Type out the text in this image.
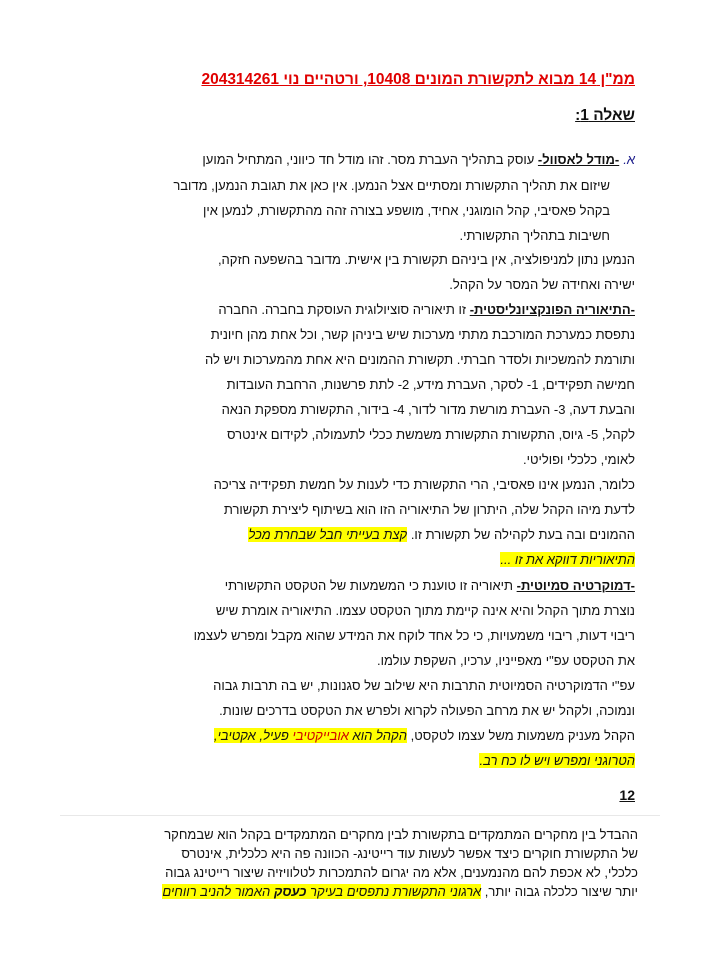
ממ"ן 14 מבוא לתקשורת המונים 10408, ורטהיים נוי 204314261
שאלה 1:
א.-מודל לאסוול- עוסק בתהליך העברת מסר. זהו מודל חד כיווני, המתחיל המוען
שיזום את תהליך התקשורת ומסתיים אצל הנמען. אין כאן את תגובת הנמען, מדובר
בקהל פאסיבי, קהל הומוגני, אחיד, מושפע בצורה זהה מהתקשורת, לנמען אין
חשיבות בתהליך התקשורתי.
הנמען נתון למניפולציה, אין ביניהם תקשורת בין אישית. מדובר בהשפעה חזקה,
ישירה ואחידה של המסר על הקהל.
-התיאוריה הפונקציונליסטית- זו תיאוריה סוציולוגית העוסקת בחברה. החברה
נתפסת כמערכת המורכבת מתתי מערכות שיש ביניהן קשר, וכל אחת מהן חיונית
ותורמת להמשכיות ולסדר חברתי. תקשורת ההמונים היא אחת מהמערכות ויש לה
חמישה תפקידים, 1- לסקר, העברת מידע, 2- לתת פרשנות, הרחבת העובדות
והבעת דעה, 3- העברת מורשת מדור לדור, 4- בידור, התקשורת מספקת הנאה
לקהל, 5- גיוס, התקשורת התקשורת משמשת ככלי לתעמולה, לקידום אינטרס
לאומי, כלכלי ופוליטי.
כלומר, הנמען אינו פאסיבי, הרי התקשורת כדי לענות על חמשת תפקידיה צריכה
לדעת מיהו הקהל שלה, היתרון של התיאוריה הזו הוא בשיתוף ליצירת תקשורת
ההמונים ובה בעת לקהילה של תקשורת זו. קצת בעייתי חבל שבחרת מכל
התיאוריות דווקא את זו ...
-דמוקרטיה סמיוטית- תיאוריה זו טוענת כי המשמעות של הטקסט התקשורתי
נוצרת מתוך הקהל והיא אינה קיימת מתוך הטקסט עצמו. התיאוריה אומרת שיש
ריבוי דעות, ריבוי משמעויות, כי כל אחד לוקח את המידע שהוא מקבל ומפרש לעצמו
את הטקסט עפ"י מאפייניו, ערכיו, השקפת עולמו.
עפ"י הדמוקרטיה הסמיוטית התרבות היא שילוב של סגנונות, יש בה תרבות גבוה
ונמוכה, ולקהל יש את מרחב הפעולה לקרוא ולפרש את הטקסט בדרכים שונות.
הקהל מעניק משמעות משל עצמו לטקסט, הקהל הוא אובייקטיבי פעיל, אקטיבי,
הטרוגני ומפרש ויש לו כח רב.
12
ההבדל בין מחקרים המתמקדים בתקשורת לבין מחקרים המתמקדים בקהל הוא שבמחקר
של התקשורת חוקרים כיצד אפשר לעשות עוד רייטינג- הכוונה פה היא כלכלית, אינטרס
כלכלי, לא אכפת להם מהנמענים, אלא מה יגרום להתמכרות לטלוויזיה שיצור רייטינג גבוה
יותר שיצור כלכלה גבוה יותר, ארגוני התקשורת נתפסים בעיקר כעסק האמור להניב רווחים
